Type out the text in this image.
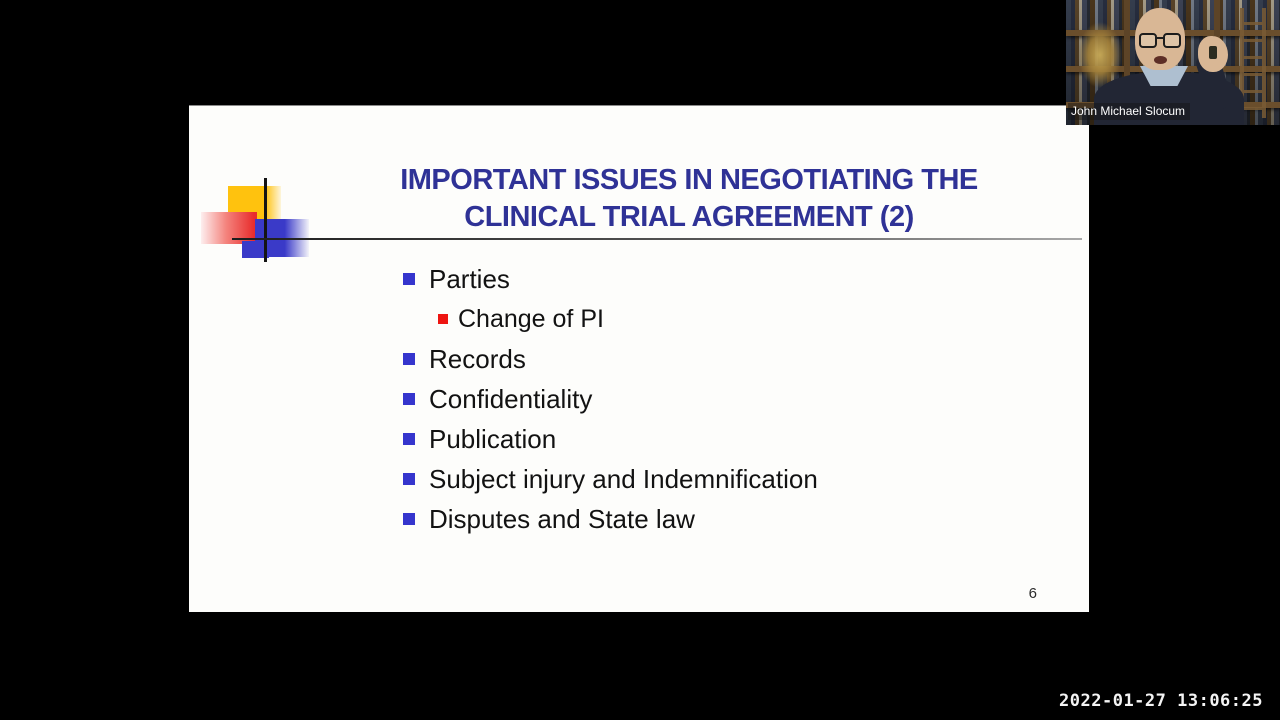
IMPORTANT ISSUES IN NEGOTIATING THE
CLINICAL TRIAL AGREEMENT (2)
Parties
Change of PI
Records
Confidentiality
Publication
Subject injury and Indemnification
Disputes and State law
6
John Michael Slocum
2022-01-27 13:06:25
